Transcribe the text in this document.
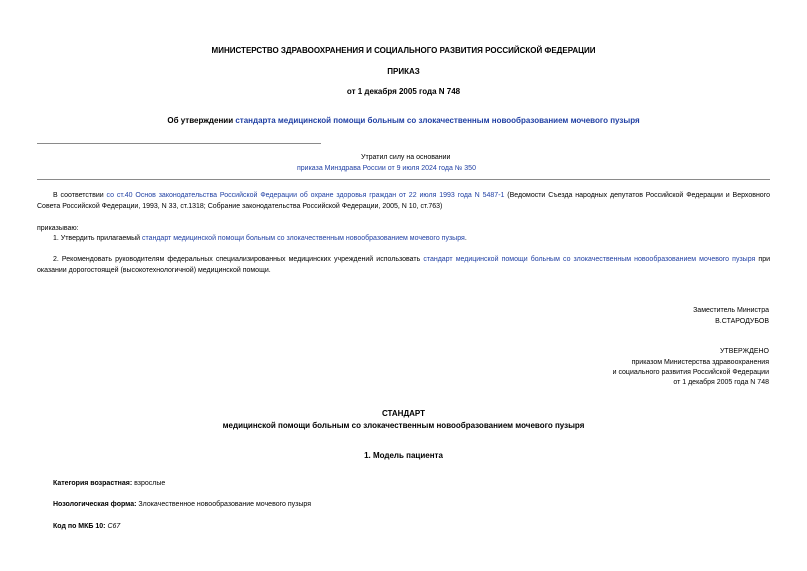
МИНИСТЕРСТВО ЗДРАВООХРАНЕНИЯ И СОЦИАЛЬНОГО РАЗВИТИЯ РОССИЙСКОЙ ФЕДЕРАЦИИ
ПРИКАЗ
от 1 декабря 2005 года N 748
Об утверждении стандарта медицинской помощи больным со злокачественным новообразованием мочевого пузыря
Утратил силу на основании
приказа Минздрава России от 9 июля 2024 года № 350
В соответствии со ст.40 Основ законодательства Российской Федерации об охране здоровья граждан от 22 июля 1993 года N 5487-1 (Ведомости Съезда народных депутатов Российской Федерации и Верховного Совета Российской Федерации, 1993, N 33, ст.1318; Собрание законодательства Российской Федерации, 2005, N 10, ст.763)
приказываю:
1. Утвердить прилагаемый стандарт медицинской помощи больным со злокачественным новообразованием мочевого пузыря.
2. Рекомендовать руководителям федеральных специализированных медицинских учреждений использовать стандарт медицинской помощи больным со злокачественным новообразованием мочевого пузыря при оказании дорогостоящей (высокотехнологичной) медицинской помощи.
Заместитель Министра
В.СТАРОДУБОВ
УТВЕРЖДЕНО
приказом Министерства здравоохранения
и социального развития Российской Федерации
от 1 декабря 2005 года N 748
СТАНДАРТ
медицинской помощи больным со злокачественным новообразованием мочевого пузыря
1. Модель пациента
Категория возрастная: взрослые
Нозологическая форма: Злокачественное новообразование мочевого пузыря
Код по МКБ 10: C67
